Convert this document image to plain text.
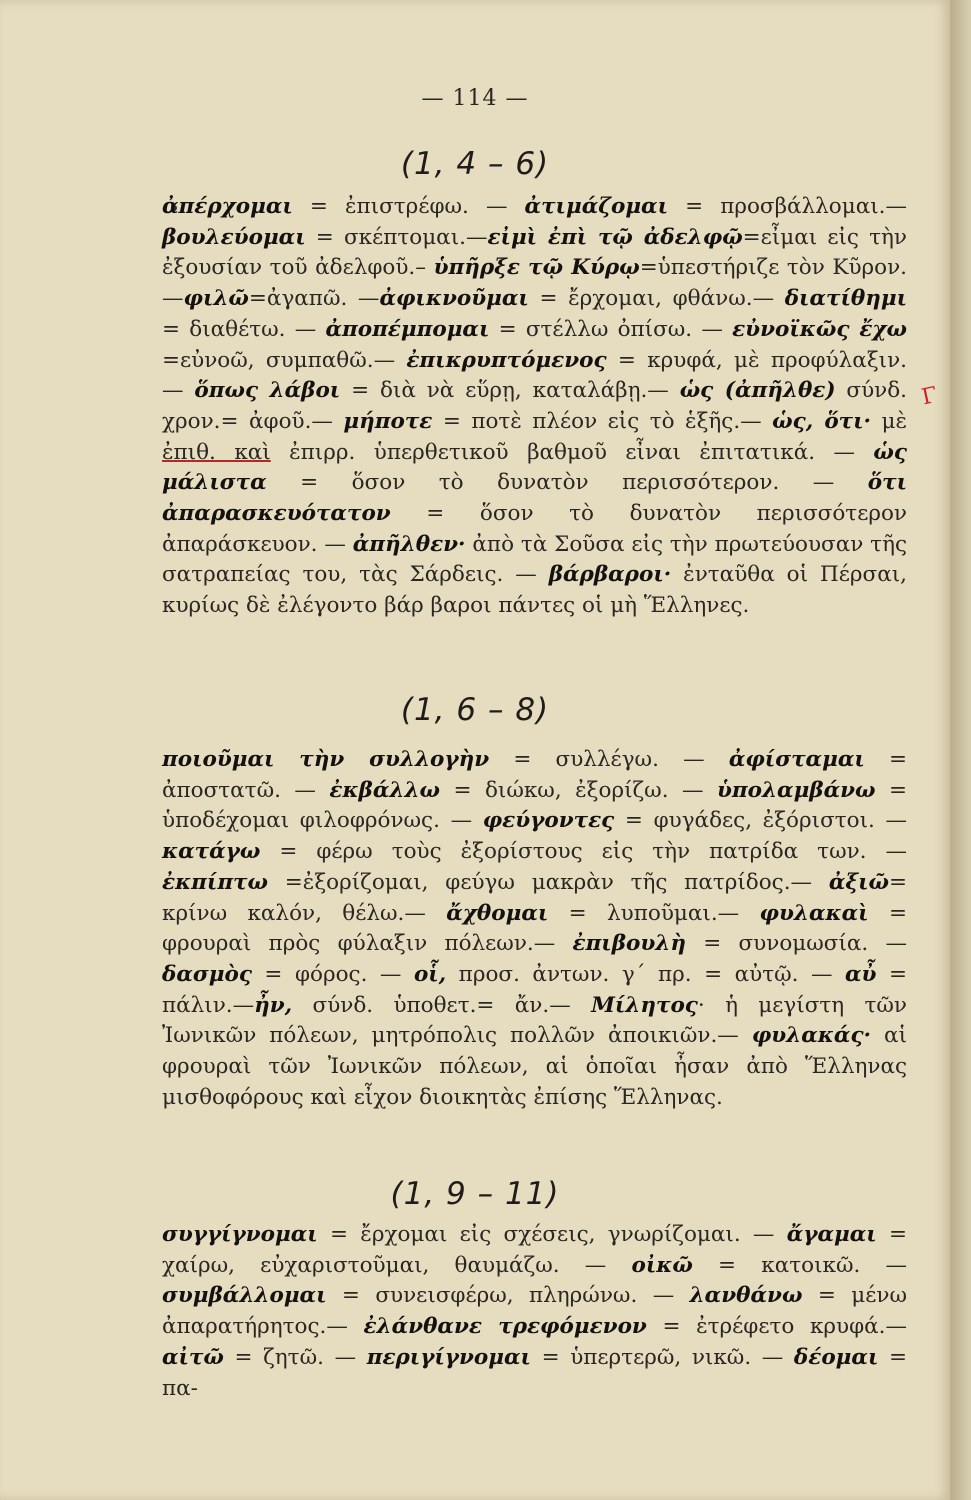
— 114 —
(1, 4 – 6)
ἀπέρχομαι = ἐπιστρέφω. — ἀτιμάζομαι = προσβάλλομαι.— βουλεύομαι = σκέπτομαι.—εἰμὶ ἐπὶ τῷ ἀδελφῷ=εἶμαι εἰς τὴν ἐξουσίαν τοῦ ἀδελφοῦ.– ὑπῆρξε τῷ Κύρῳ=ὑπεστήριζε τὸν Κῦρον. —φιλῶ=ἀγαπῶ. —ἀφικνοῦμαι = ἔρχομαι, φθάνω.— διατίθημι = διαθέτω. — ἀποπέμπομαι = στέλλω ὀπίσω. — εὐνοϊκῶς ἔχω =εὐνοῶ, συμπαθῶ.— ἐπικρυπτόμενος = κρυφά, μὲ προφύλαξιν. — ὅπως λάβοι = διὰ νὰ εὕρῃ, καταλάβῃ.— ὡς (ἀπῆλθε) σύνδ. χρον.= ἀφοῦ.— μήποτε = ποτὲ πλέον εἰς τὸ ἑξῆς.— ὡς, ὅτι· μὲ ἐπιθ. καὶ ἐπιρρ. ὑπερθετικοῦ βαθμοῦ εἶναι ἐπιτατικά. — ὡς μάλιστα = ὅσον τὸ δυνατὸν περισσότερον. — ὅτι ἀπαρασκευότατον = ὅσον τὸ δυνατὸν περισσότερον ἀπαράσκευον. — ἀπῆλθεν· ἀπὸ τὰ Σοῦσα εἰς τὴν πρωτεύουσαν τῆς σατραπείας του, τὰς Σάρδεις. — βάρβαροι· ἐνταῦθα οἱ Πέρσαι, κυρίως δὲ ἐλέγοντο βάρ βαροι πάντες οἱ μὴ Ἕλληνες.
(1, 6 – 8)
ποιοῦμαι τὴν συλλογὴν = συλλέγω. — ἀφίσταμαι = ἀποστατῶ. — ἐκβάλλω = διώκω, ἐξορίζω. — ὑπολαμβάνω = ὑποδέχομαι φιλοφρόνως. — φεύγοντες = φυγάδες, ἐξόριστοι. — κατάγω = φέρω τοὺς ἐξορίστους εἰς τὴν πατρίδα των. — ἐκπίπτω =ἐξορίζομαι, φεύγω μακρὰν τῆς πατρίδος.— ἀξιῶ= κρίνω καλόν, θέλω.— ἄχθομαι = λυποῦμαι.— φυλακαὶ = φρουραὶ πρὸς φύλαξιν πόλεων.— ἐπιβουλὴ = συνομωσία. — δασμὸς = φόρος. — οἷ, προσ. ἀντων. γ΄ πρ. = αὐτῷ. — αὖ = πάλιν.—ἦν, σύνδ. ὑποθετ.= ἄν.— Μίλητος· ἡ μεγίστη τῶν Ἰωνικῶν πόλεων, μητρόπολις πολλῶν ἀποικιῶν.— φυλακάς· αἱ φρουραὶ τῶν Ἰωνικῶν πόλεων, αἱ ὁποῖαι ἦσαν ἀπὸ Ἕλληνας μισθοφόρους καὶ εἶχον διοικητὰς ἐπίσης Ἕλληνας.
(1, 9 – 11)
συγγίγνομαι = ἔρχομαι εἰς σχέσεις, γνωρίζομαι. — ἄγαμαι = χαίρω, εὐχαριστοῦμαι, θαυμάζω. — οἰκῶ = κατοικῶ. — συμβάλλομαι = συνεισφέρω, πληρώνω. — λανθάνω = μένω ἀπαρατήρητος.— ἐλάνθανε τρεφόμενον = ἐτρέφετο κρυφά.— αἰτῶ = ζητῶ. — περιγίγνομαι = ὑπερτερῶ, νικῶ. — δέομαι = πα-
Γ
